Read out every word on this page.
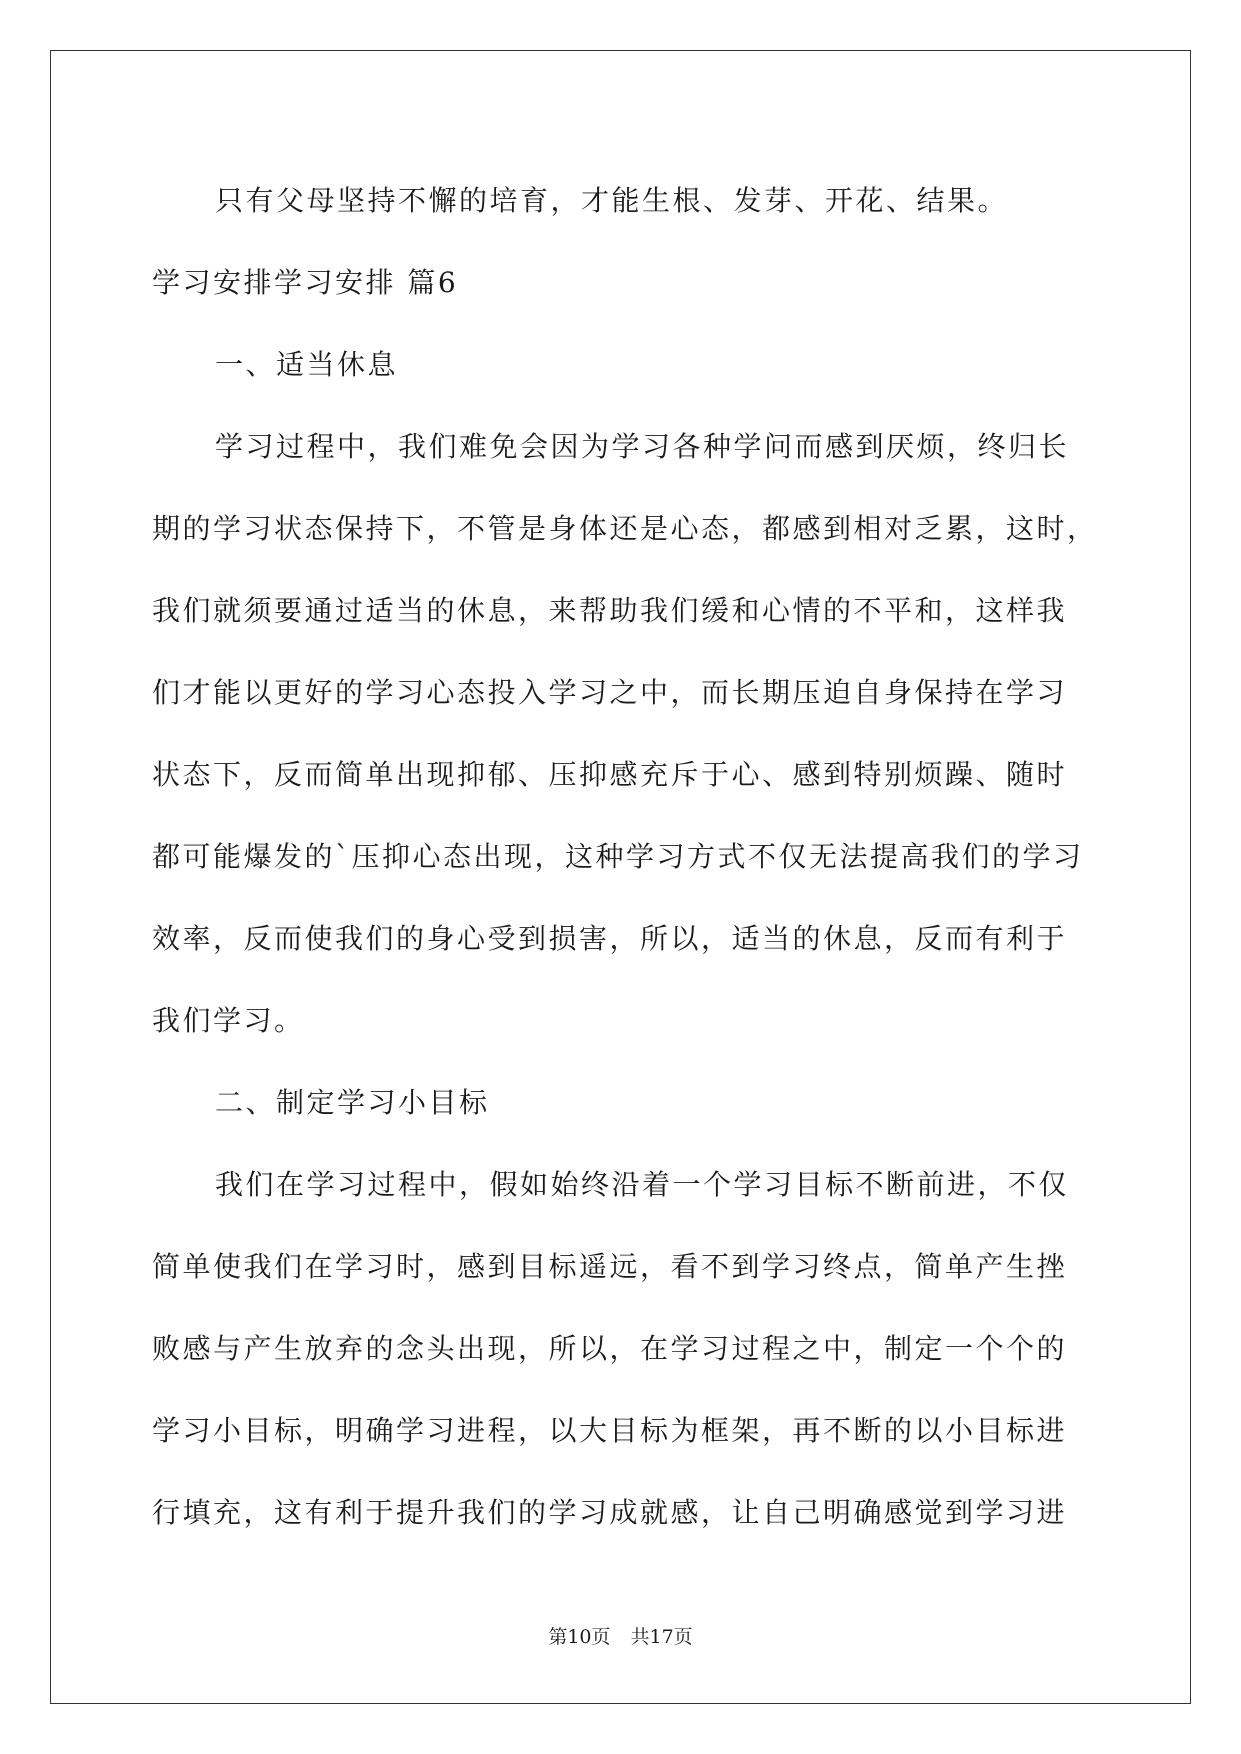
只有父母坚持不懈的培育，才能生根、发芽、开花、结果。
学习安排学习安排 篇6
一、适当休息
学习过程中，我们难免会因为学习各种学问而感到厌烦，终归长
期的学习状态保持下，不管是身体还是心态，都感到相对乏累，这时，
我们就须要通过适当的休息，来帮助我们缓和心情的不平和，这样我
们才能以更好的学习心态投入学习之中，而长期压迫自身保持在学习
状态下，反而简单出现抑郁、压抑感充斥于心、感到特别烦躁、随时
都可能爆发的`压抑心态出现，这种学习方式不仅无法提高我们的学习
效率，反而使我们的身心受到损害，所以，适当的休息，反而有利于
我们学习。
二、制定学习小目标
我们在学习过程中，假如始终沿着一个学习目标不断前进，不仅
简单使我们在学习时，感到目标遥远，看不到学习终点，简单产生挫
败感与产生放弃的念头出现，所以，在学习过程之中，制定一个个的
学习小目标，明确学习进程，以大目标为框架，再不断的以小目标进
行填充，这有利于提升我们的学习成就感，让自己明确感觉到学习进
第10页 共17页
